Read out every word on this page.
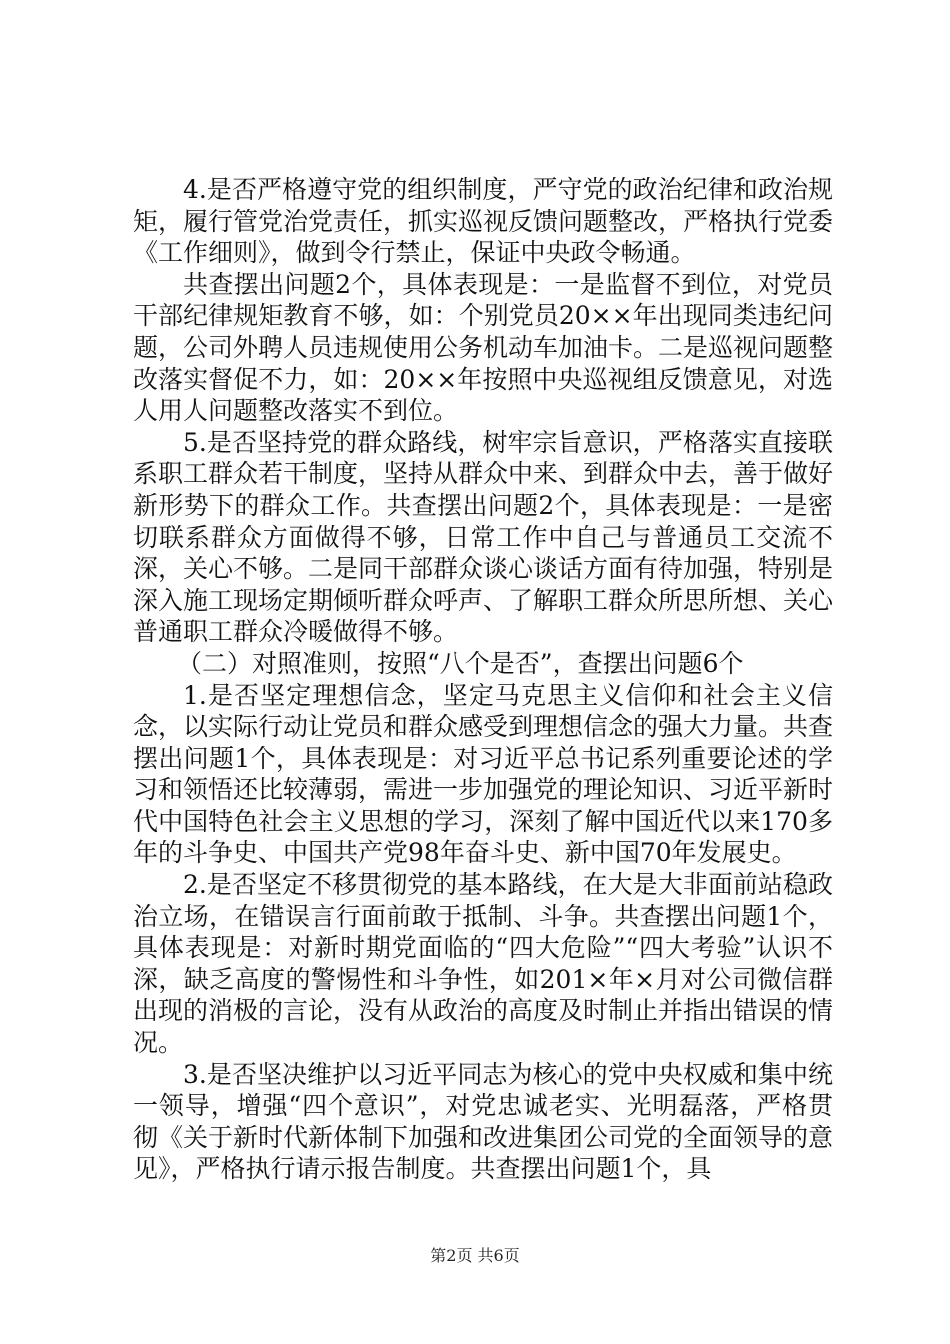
4.是否严格遵守党的组织制度，严守党的政治纪律和政治规矩，履行管党治党责任，抓实巡视反馈问题整改，严格执行党委《工作细则》，做到令行禁止，保证中央政令畅通。

共查摆出问题2个，具体表现是：一是监督不到位，对党员干部纪律规矩教育不够，如：个别党员20××年出现同类违纪问题，公司外聘人员违规使用公务机动车加油卡。二是巡视问题整改落实督促不力，如：20××年按照中央巡视组反馈意见，对选人用人问题整改落实不到位。

5.是否坚持党的群众路线，树牢宗旨意识，严格落实直接联系职工群众若干制度，坚持从群众中来、到群众中去，善于做好新形势下的群众工作。共查摆出问题2个，具体表现是：一是密切联系群众方面做得不够，日常工作中自己与普通员工交流不深，关心不够。二是同干部群众谈心谈话方面有待加强，特别是深入施工现场定期倾听群众呼声、了解职工群众所思所想、关心普通职工群众冷暖做得不够。

（二）对照准则，按照“八个是否”，查摆出问题6个

1.是否坚定理想信念，坚定马克思主义信仰和社会主义信念，以实际行动让党员和群众感受到理想信念的强大力量。共查摆出问题1个，具体表现是：对习近平总书记系列重要论述的学习和领悟还比较薄弱，需进一步加强党的理论知识、习近平新时代中国特色社会主义思想的学习，深刻了解中国近代以来170多年的斗争史、中国共产党98年奋斗史、新中国70年发展史。

2.是否坚定不移贯彻党的基本路线，在大是大非面前站稳政治立场，在错误言行面前敢于抵制、斗争。共查摆出问题1个，具体表现是：对新时期党面临的“四大危险”“四大考验”认识不深，缺乏高度的警惕性和斗争性，如201×年×月对公司微信群出现的消极的言论，没有从政治的高度及时制止并指出错误的情况。

3.是否坚决维护以习近平同志为核心的党中央权威和集中统一领导，增强“四个意识”，对党忠诚老实、光明磊落，严格贯彻《关于新时代新体制下加强和改进集团公司党的全面领导的意见》，严格执行请示报告制度。共查摆出问题1个，具

第2页 共6页
